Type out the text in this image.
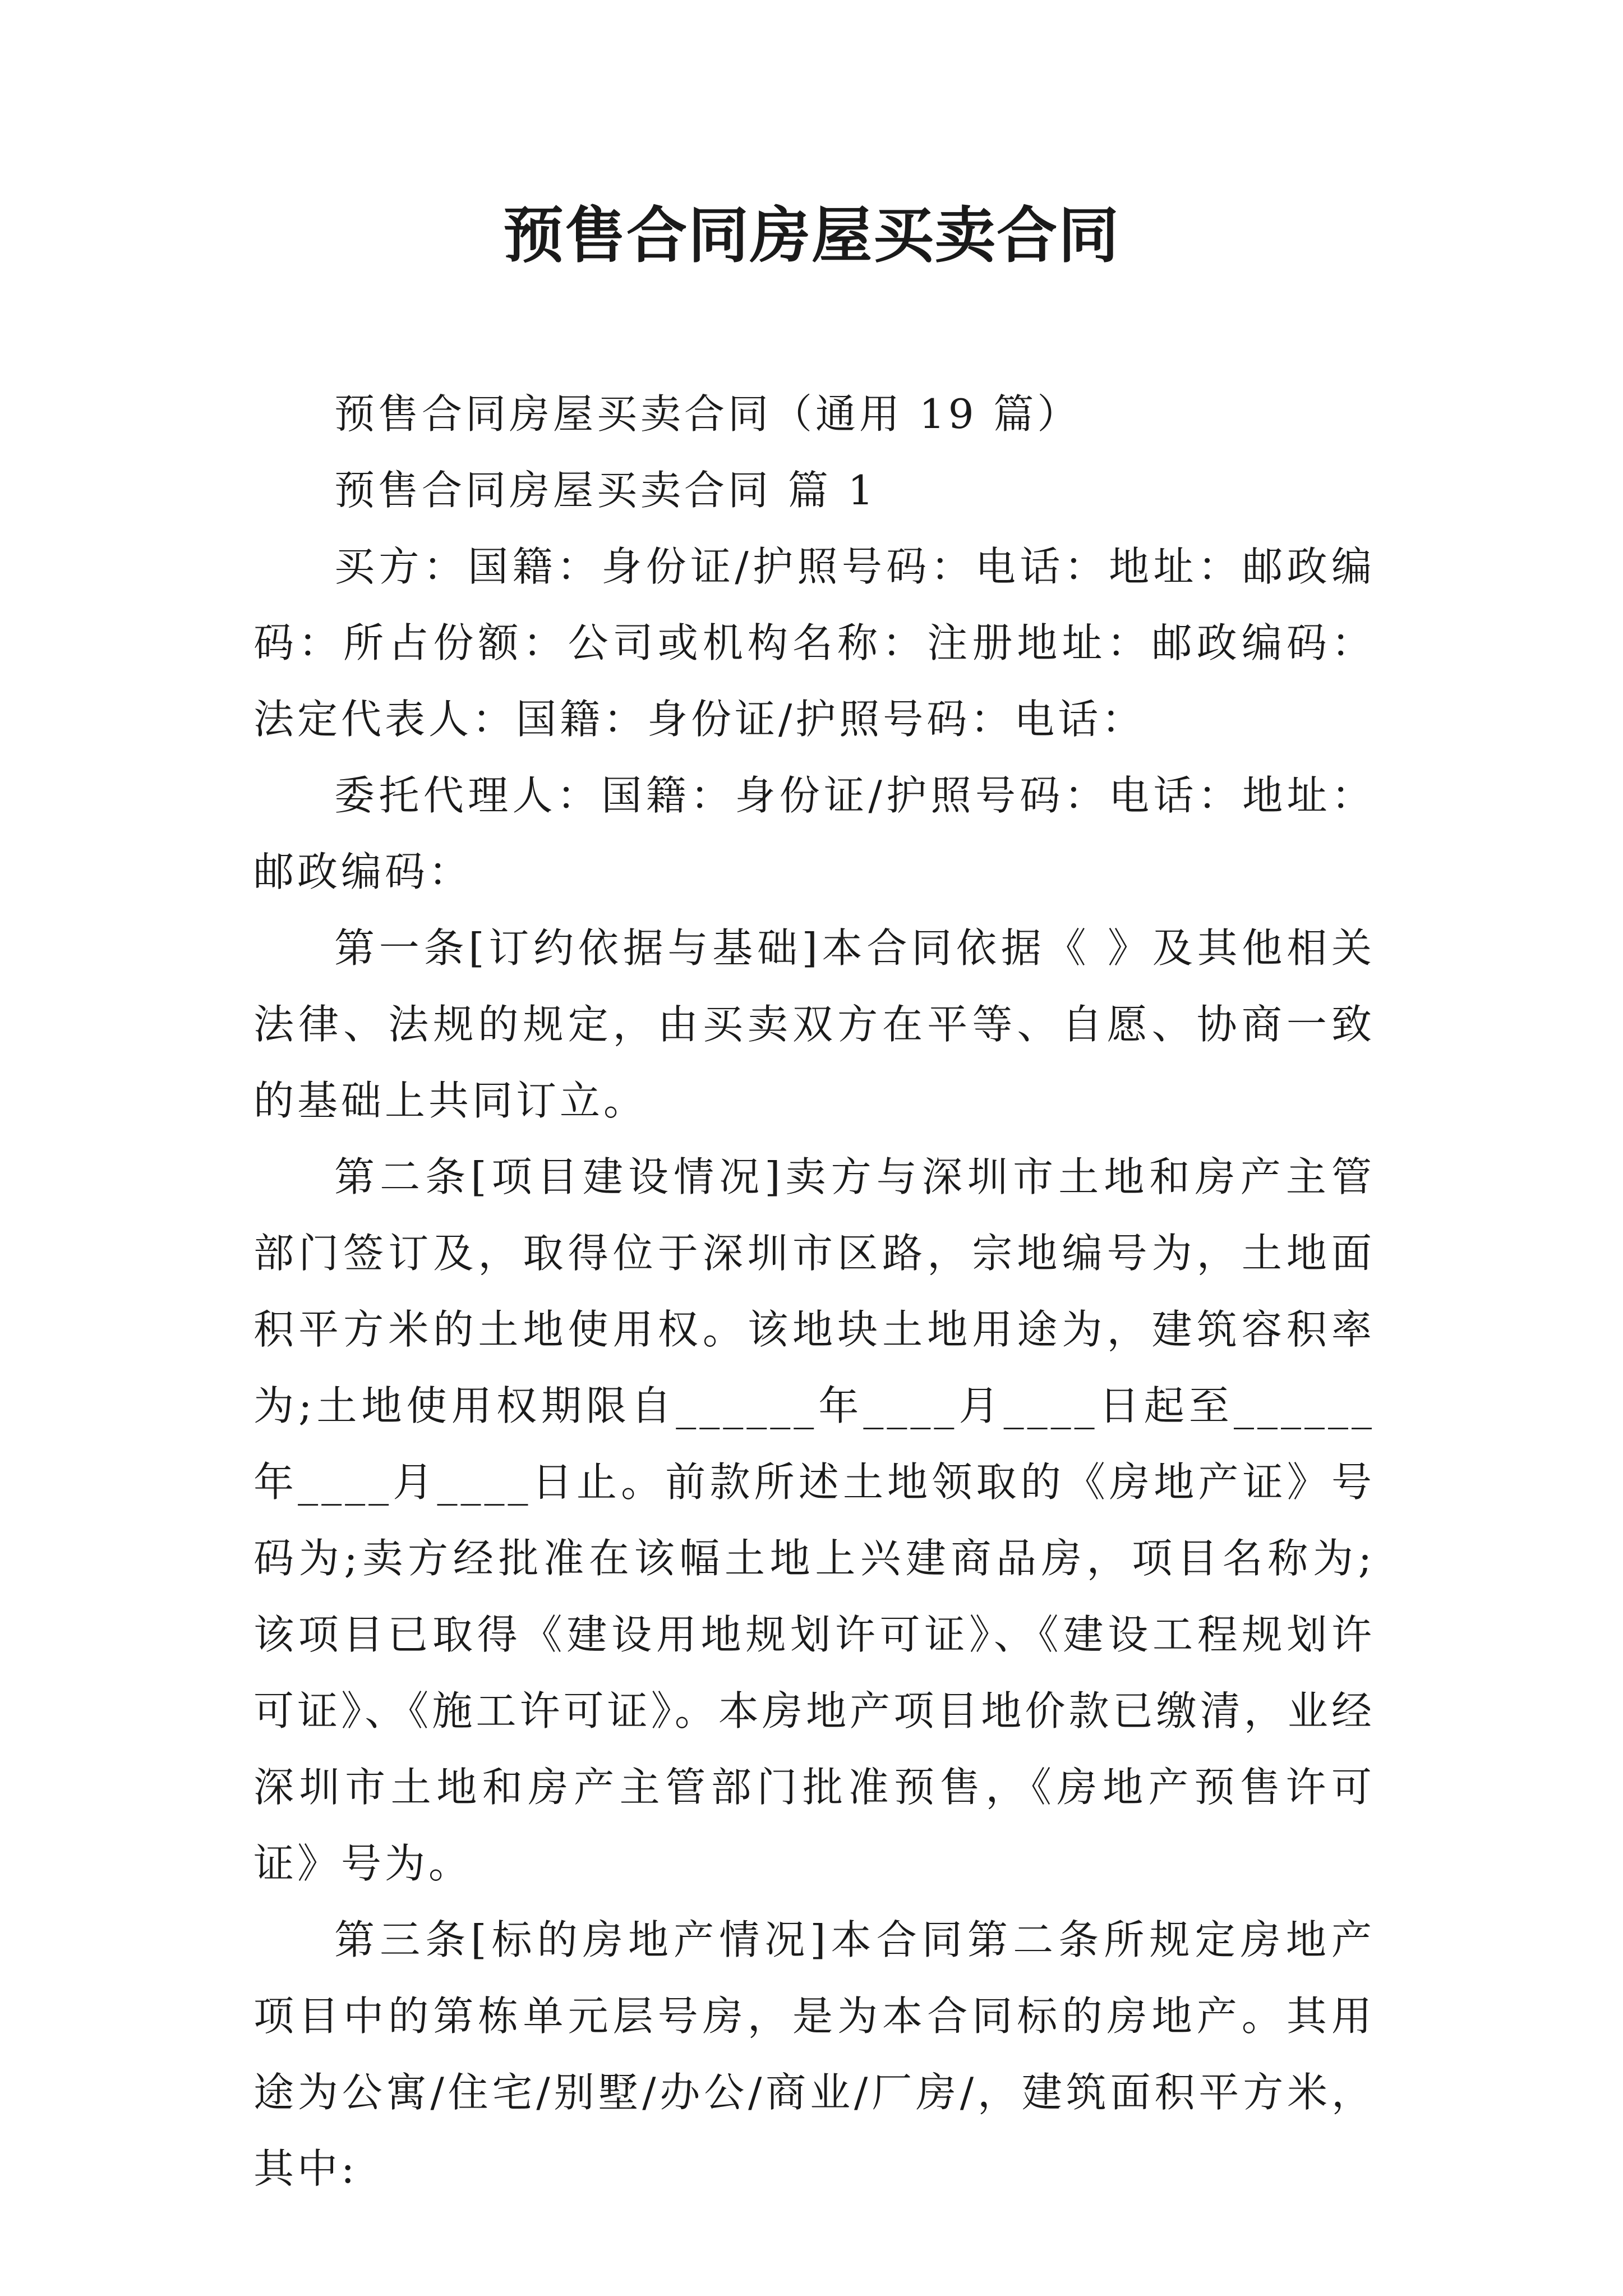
预售合同房屋买卖合同

预售合同房屋买卖合同（通用 19 篇）

预售合同房屋买卖合同 篇 1

买方：国籍：身份证/护照号码：电话：地址：邮政编码：所占份额：公司或机构名称：注册地址：邮政编码：法定代表人：国籍：身份证/护照号码：电话：

委托代理人：国籍：身份证/护照号码：电话：地址：邮政编码：

第一条[订约依据与基础]本合同依据《 》及其他相关法律、法规的规定，由买卖双方在平等、自愿、协商一致的基础上共同订立。

第二条[项目建设情况]卖方与深圳市土地和房产主管部门签订及，取得位于深圳市区路，宗地编号为，土地面积平方米的土地使用权。该地块土地用途为，建筑容积率为;土地使用权期限自______年____月____日起至______年____月____日止。前款所述土地领取的《房地产证》号码为;卖方经批准在该幅土地上兴建商品房，项目名称为;该项目已取得《建设用地规划许可证》、《建设工程规划许可证》、《施工许可证》。本房地产项目地价款已缴清，业经深圳市土地和房产主管部门批准预售，《房地产预售许可证》号为。

第三条[标的房地产情况]本合同第二条所规定房地产项目中的第栋单元层号房，是为本合同标的房地产。其用途为公寓/住宅/别墅/办公/商业/厂房/，建筑面积平方米，其中:
